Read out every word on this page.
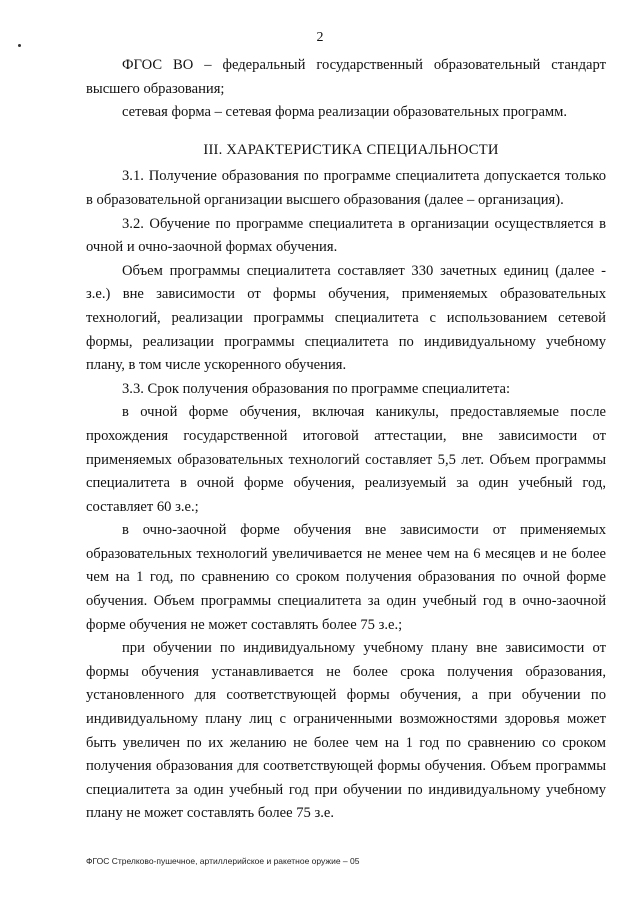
2

ФГОС ВО – федеральный государственный образовательный стандарт высшего образования;

сетевая форма – сетевая форма реализации образовательных программ.

III. ХАРАКТЕРИСТИКА СПЕЦИАЛЬНОСТИ

3.1. Получение образования по программе специалитета допускается только в образовательной организации высшего образования (далее – организация).

3.2. Обучение по программе специалитета в организации осуществляется в очной и очно-заочной формах обучения.

Объем программы специалитета составляет 330 зачетных единиц (далее - з.е.) вне зависимости от формы обучения, применяемых образовательных технологий, реализации программы специалитета с использованием сетевой формы, реализации программы специалитета по индивидуальному учебному плану, в том числе ускоренного обучения.

3.3. Срок получения образования по программе специалитета:

в очной форме обучения, включая каникулы, предоставляемые после прохождения государственной итоговой аттестации, вне зависимости от применяемых образовательных технологий составляет 5,5 лет. Объем программы специалитета в очной форме обучения, реализуемый за один учебный год, составляет 60 з.е.;

в очно-заочной форме обучения вне зависимости от применяемых образовательных технологий увеличивается не менее чем на 6 месяцев и не более чем на 1 год, по сравнению со сроком получения образования по очной форме обучения. Объем программы специалитета за один учебный год в очно-заочной форме обучения не может составлять более 75 з.е.;

при обучении по индивидуальному учебному плану вне зависимости от формы обучения устанавливается не более срока получения образования, установленного для соответствующей формы обучения, а при обучении по индивидуальному плану лиц с ограниченными возможностями здоровья может быть увеличен по их желанию не более чем на 1 год по сравнению со сроком получения образования для соответствующей формы обучения. Объем программы специалитета за один учебный год при обучении по индивидуальному учебному плану не может составлять более 75 з.е.

ФГОС Стрелково-пушечное, артиллерийское и ракетное оружие – 05
